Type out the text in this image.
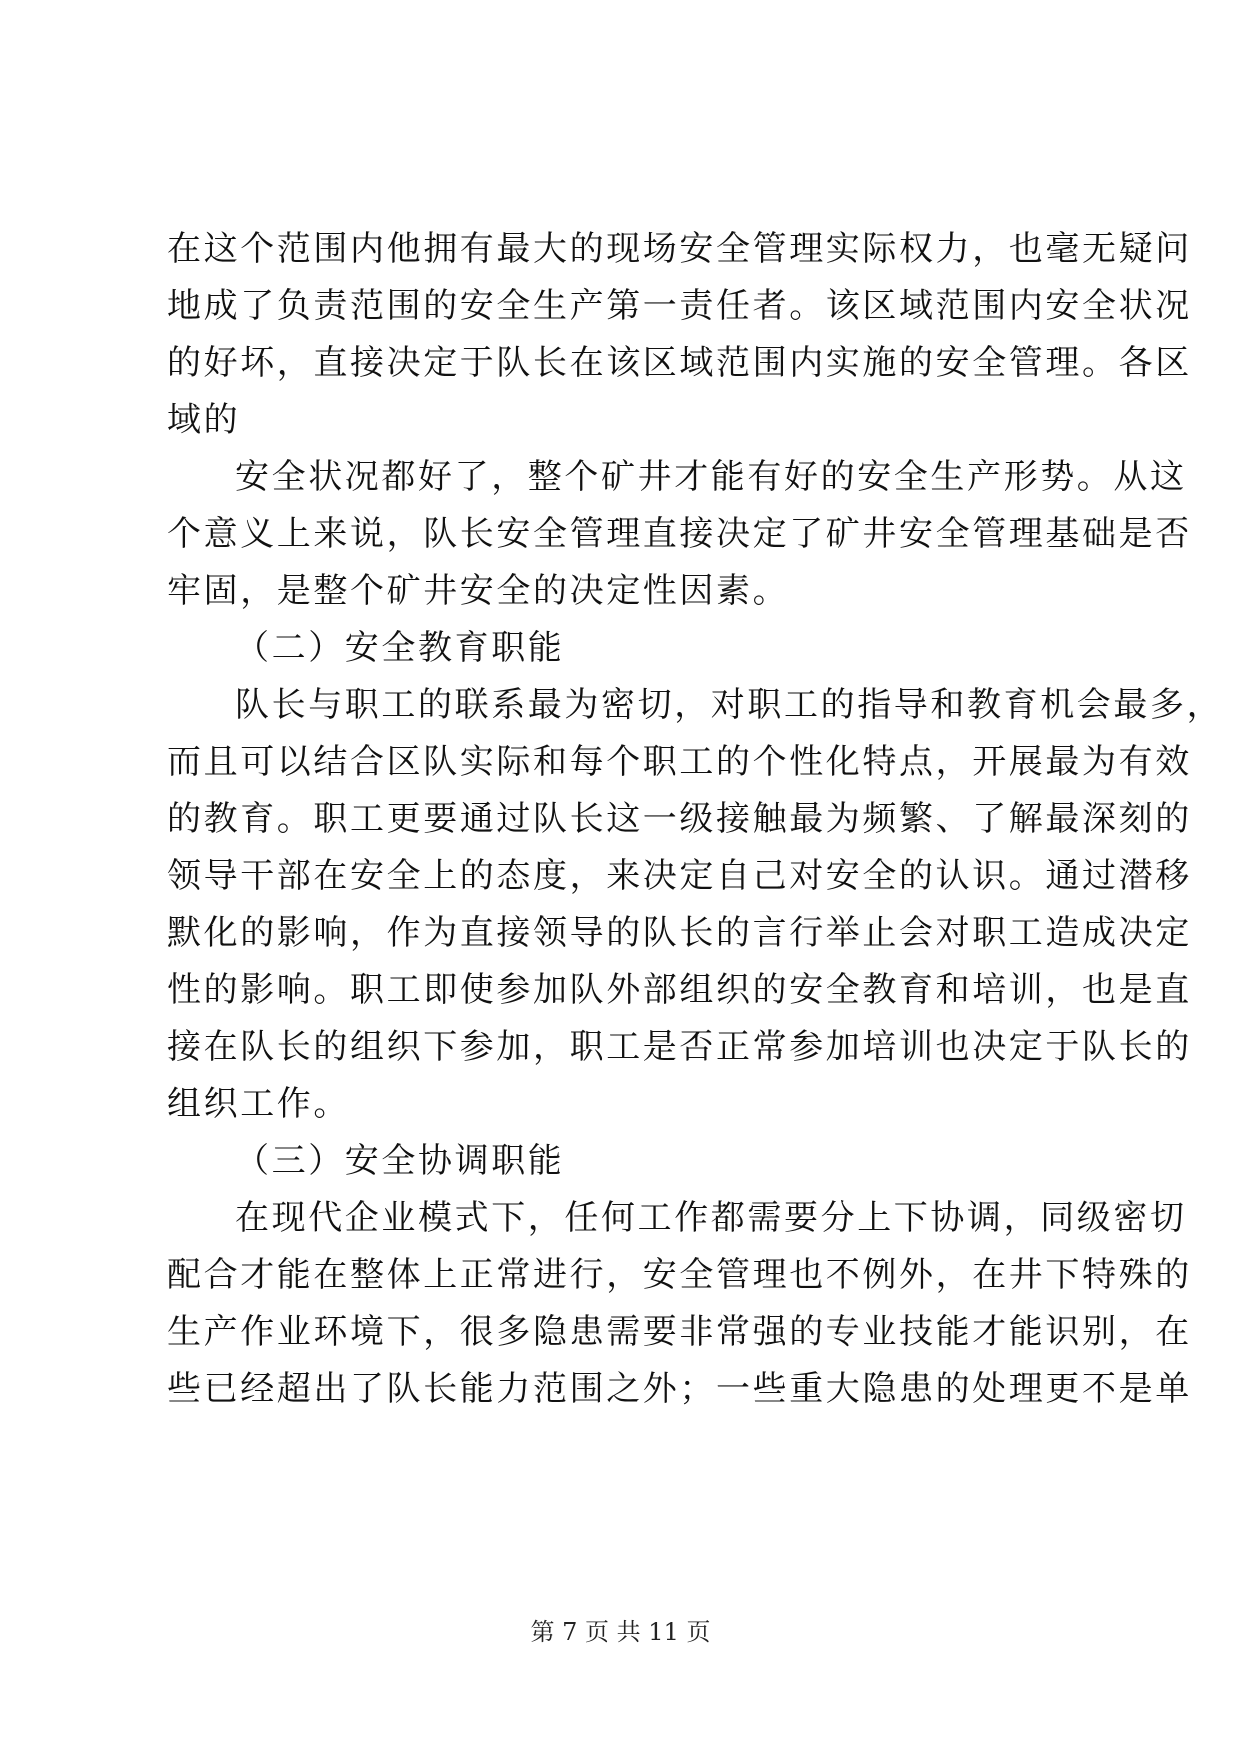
在这个范围内他拥有最大的现场安全管理实际权力，也毫无疑问
地成了负责范围的安全生产第一责任者。该区域范围内安全状况
的好坏，直接决定于队长在该区域范围内实施的安全管理。各区
域的
安全状况都好了，整个矿井才能有好的安全生产形势。从这
个意义上来说，队长安全管理直接决定了矿井安全管理基础是否
牢固，是整个矿井安全的决定性因素。
（二）安全教育职能
队长与职工的联系最为密切，对职工的指导和教育机会最多，
而且可以结合区队实际和每个职工的个性化特点，开展最为有效
的教育。职工更要通过队长这一级接触最为频繁、了解最深刻的
领导干部在安全上的态度，来决定自己对安全的认识。通过潜移
默化的影响，作为直接领导的队长的言行举止会对职工造成决定
性的影响。职工即使参加队外部组织的安全教育和培训，也是直
接在队长的组织下参加，职工是否正常参加培训也决定于队长的
组织工作。
（三）安全协调职能
在现代企业模式下，任何工作都需要分上下协调，同级密切
配合才能在整体上正常进行，安全管理也不例外，在井下特殊的
生产作业环境下，很多隐患需要非常强的专业技能才能识别，在
些已经超出了队长能力范围之外；一些重大隐患的处理更不是单
第 7 页 共 11 页
